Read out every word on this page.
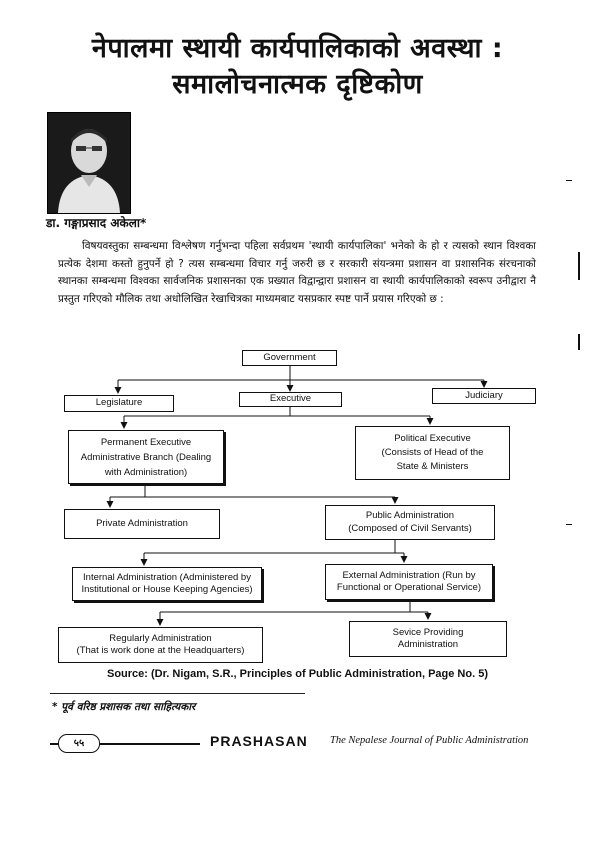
नेपालमा स्थायी कार्यपालिकाको अवस्था :
समालोचनात्मक दृष्टिकोण
डा. गङ्गाप्रसाद अकेला*

विषयवस्तुका सम्बन्धमा विश्लेषण गर्नुभन्दा पहिला सर्वप्रथम 'स्थायी कार्यपालिका' भनेको के हो र त्यसको स्थान विश्वका प्रत्येक देशमा कस्तो हुनुपर्ने हो ? त्यस सम्बन्धमा विचार गर्नु जरुरी छ र सरकारी संयन्त्रमा प्रशासन वा प्रशासनिक संरचनाको स्थानका सम्बन्धमा विश्वका सार्वजनिक प्रशासनका एक प्रख्यात विद्वान्द्वारा प्रशासन वा स्थायी कार्यपालिकाको स्वरूप उनीद्वारा नै प्रस्तुत गरिएको मौलिक तथा अधोलिखित रेखाचित्रका माध्यमबाट यसप्रकार स्पष्ट पार्ने प्रयास गरिएको छ :

Government
Legislature	Executive	Judiciary
Permanent Executive
Administrative Branch (Dealing
with Administration)
Political Executive
(Consists of Head of the
State & Ministers
Private Administration
Public Administration
(Composed of Civil Servants)
Internal Administration (Administered by
Institutional or House Keeping Agencies)
External Administration (Run by
Functional or Operational Service)
Regularly Administration
(That is work done at the Headquarters)
Sevice Providing
Administration
Source: (Dr. Nigam, S.R., Principles of Public Administration, Page No. 5)
* पूर्व वरिष्ठ प्रशासक तथा साहित्यकार
५५	PRASHASAN The Nepalese Journal of Public Administration
